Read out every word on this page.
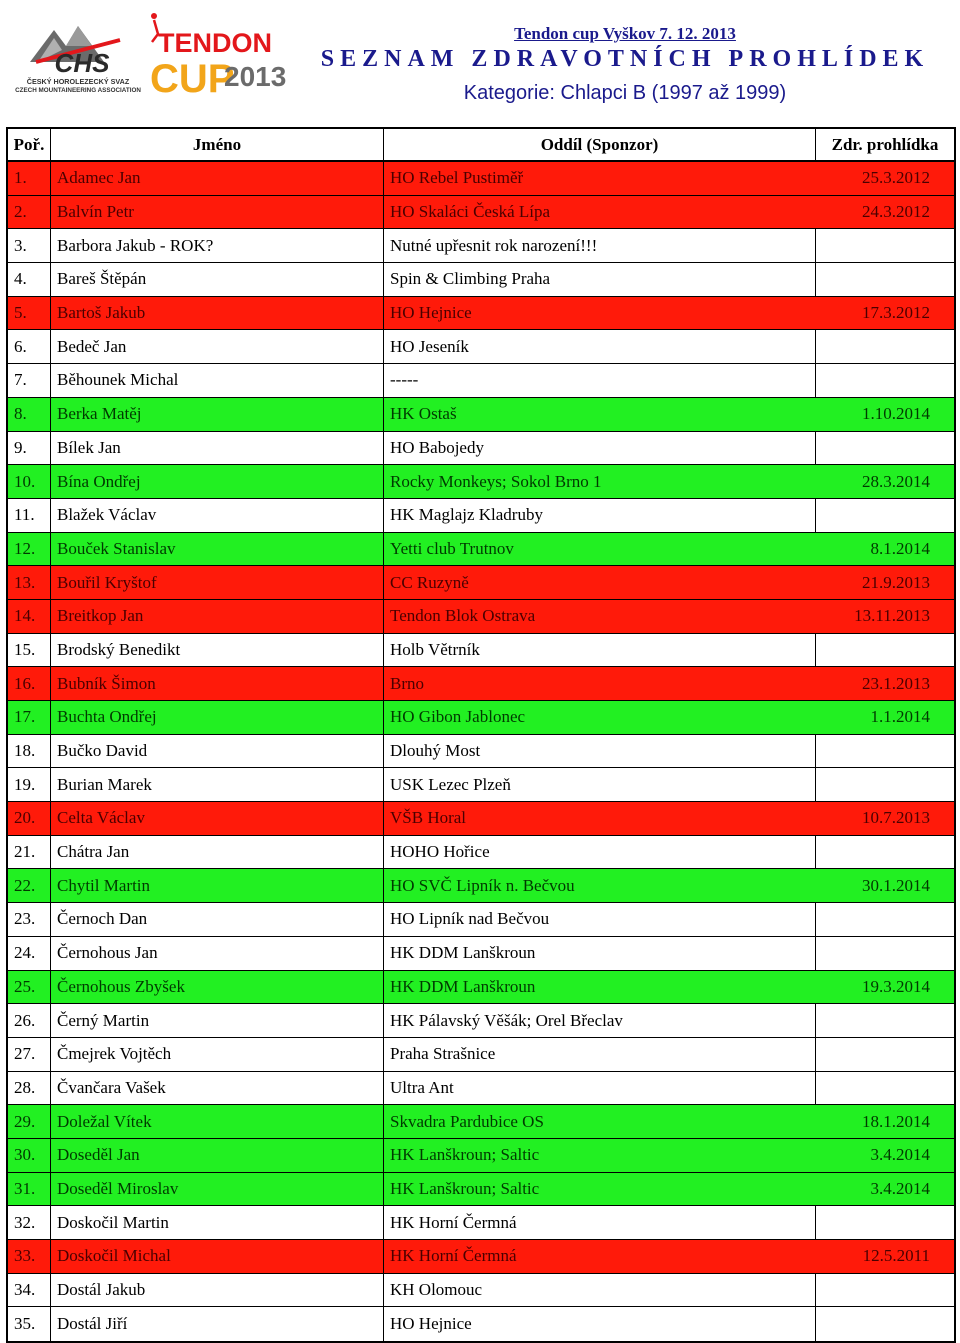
CHS
ČESKÝ HOROLEZECKÝ SVAZ
CZECH MOUNTAINEERING ASSOCIATION
TENDON
CUP
2013
Tendon cup Vyškov 7. 12. 2013
SEZNAM ZDRAVOTNÍCH PROHLÍDEK
Kategorie: Chlapci B (1997 až 1999)
Poř.	Jméno	Oddíl (Sponzor)	Zdr. prohlídka
1.	Adamec Jan	HO Rebel Pustiměř	25.3.2012
2.	Balvín Petr	HO Skaláci Česká Lípa	24.3.2012
3.	Barbora Jakub - ROK?	Nutné upřesnit rok narození!!!
4.	Bareš Štěpán	Spin & Climbing Praha
5.	Bartoš Jakub	HO Hejnice	17.3.2012
6.	Bedeč Jan	HO Jeseník
7.	Běhounek Michal	-----
8.	Berka Matěj	HK Ostaš	1.10.2014
9.	Bílek Jan	HO Babojedy
10.	Bína Ondřej	Rocky Monkeys; Sokol Brno 1	28.3.2014
11.	Blažek Václav	HK Maglajz Kladruby
12.	Bouček Stanislav	Yetti club Trutnov	8.1.2014
13.	Bouřil Kryštof	CC Ruzyně	21.9.2013
14.	Breitkop Jan	Tendon Blok Ostrava	13.11.2013
15.	Brodský Benedikt	Holb Větrník
16.	Bubník Šimon	Brno	23.1.2013
17.	Buchta Ondřej	HO Gibon Jablonec	1.1.2014
18.	Bučko David	Dlouhý Most
19.	Burian Marek	USK Lezec Plzeň
20.	Celta Václav	VŠB Horal	10.7.2013
21.	Chátra Jan	HOHO Hořice
22.	Chytil Martin	HO SVČ Lipník n. Bečvou	30.1.2014
23.	Černoch Dan	HO Lipník nad Bečvou
24.	Černohous Jan	HK DDM Lanškroun
25.	Černohous Zbyšek	HK DDM Lanškroun	19.3.2014
26.	Černý Martin	HK Pálavský Věšák; Orel Břeclav
27.	Čmejrek Vojtěch	Praha Strašnice
28.	Čvančara Vašek	Ultra Ant
29.	Doležal Vítek	Skvadra Pardubice OS	18.1.2014
30.	Doseděl Jan	HK Lanškroun; Saltic	3.4.2014
31.	Doseděl Miroslav	HK Lanškroun; Saltic	3.4.2014
32.	Doskočil Martin	HK Horní Čermná
33.	Doskočil Michal	HK Horní Čermná	12.5.2011
34.	Dostál Jakub	KH Olomouc
35.	Dostál Jiří	HO Hejnice
